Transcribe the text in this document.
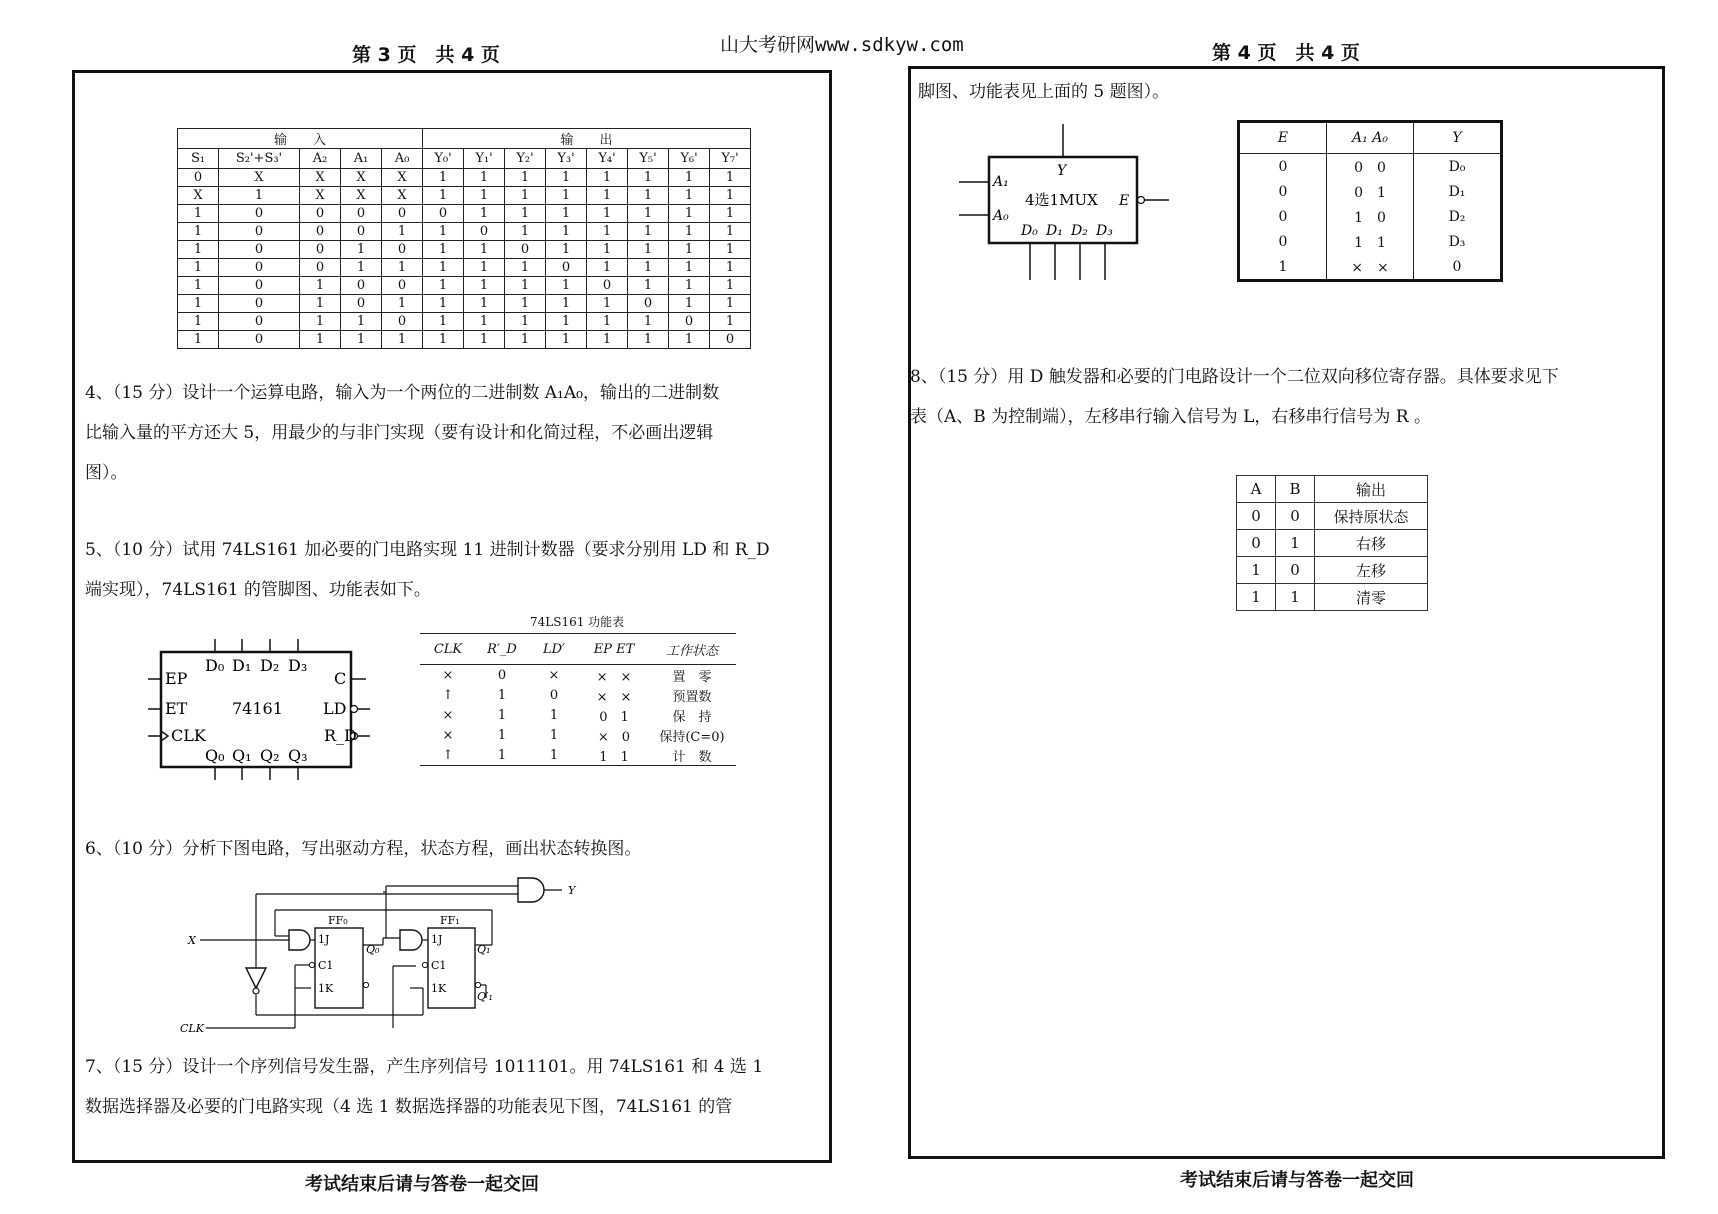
第 3 页　共 4 页	山大考研网www.sdkyw.com	第 4 页　共 4 页
输　　入					输　　出							
S₁	S₂'+S₃'	A₂	A₁	A₀	Y₀'	Y₁'	Y₂'	Y₃'	Y₄'	Y₅'	Y₆'	Y₇'
0	X	X	X	X	1	1	1	1	1	1	1	1
X	1	X	X	X	1	1	1	1	1	1	1	1
1	0	0	0	0	0	1	1	1	1	1	1	1
1	0	0	0	1	1	0	1	1	1	1	1	1
1	0	0	1	0	1	1	0	1	1	1	1	1
1	0	0	1	1	1	1	1	0	1	1	1	1
1	0	1	0	0	1	1	1	1	0	1	1	1
1	0	1	0	1	1	1	1	1	1	0	1	1
1	0	1	1	0	1	1	1	1	1	1	0	1
1	0	1	1	1	1	1	1	1	1	1	1	0
4、（15 分）设计一个运算电路，输入为一个两位的二进制数 A₁A₀，输出的二进制数
比输入量的平方还大 5，用最少的与非门实现（要有设计和化简过程，不必画出逻辑
图）。
5、（10 分）试用 74LS161 加必要的门电路实现 11 进制计数器（要求分别用 LD 和 R_D
端实现），74LS161 的管脚图、功能表如下。
EP
ET
CLK
C
LD
R_D
D₀ D₁ D₂ D₃
Q₀ Q₁ Q₂ Q₃
74161
74LS161 功能表
CLK	R′_D	LD′	EP ET	工作状态
×	0	×	×　×	置　零
↑	1	0	×　×	预置数
×	1	1	0　1	保　持
×	1	1	×　0	保持(C=0)
↑	1	1	1　1	计　数
6、（10 分）分析下图电路，写出驱动方程，状态方程，画出状态转换图。
X
CLK
Y
FF₀	FF₁
1J
C1
1K
1J
C1
1K
Q₀	Q₁
Q′₁
7、（15 分）设计一个序列信号发生器，产生序列信号 1011101。用 74LS161 和 4 选 1
数据选择器及必要的门电路实现（4 选 1 数据选择器的功能表见下图，74LS161 的管
脚图、功能表见上面的 5 题图）。
Y
E
A₁
A₀
D₀ D₁ D₂ D₃
4选1MUX
E	A₁ A₀	Y
0	0　0	D₀
0	0　1	D₁
0	1　0	D₂
0	1　1	D₃
1	×　×	0
8、（15 分）用 D 触发器和必要的门电路设计一个二位双向移位寄存器。具体要求见下
表（A、B 为控制端），左移串行输入信号为 L，右移串行信号为 R 。
A	B	输出
0	0	保持原状态
0	1	右移
1	0	左移
1	1	清零
考试结束后请与答卷一起交回	考试结束后请与答卷一起交回
